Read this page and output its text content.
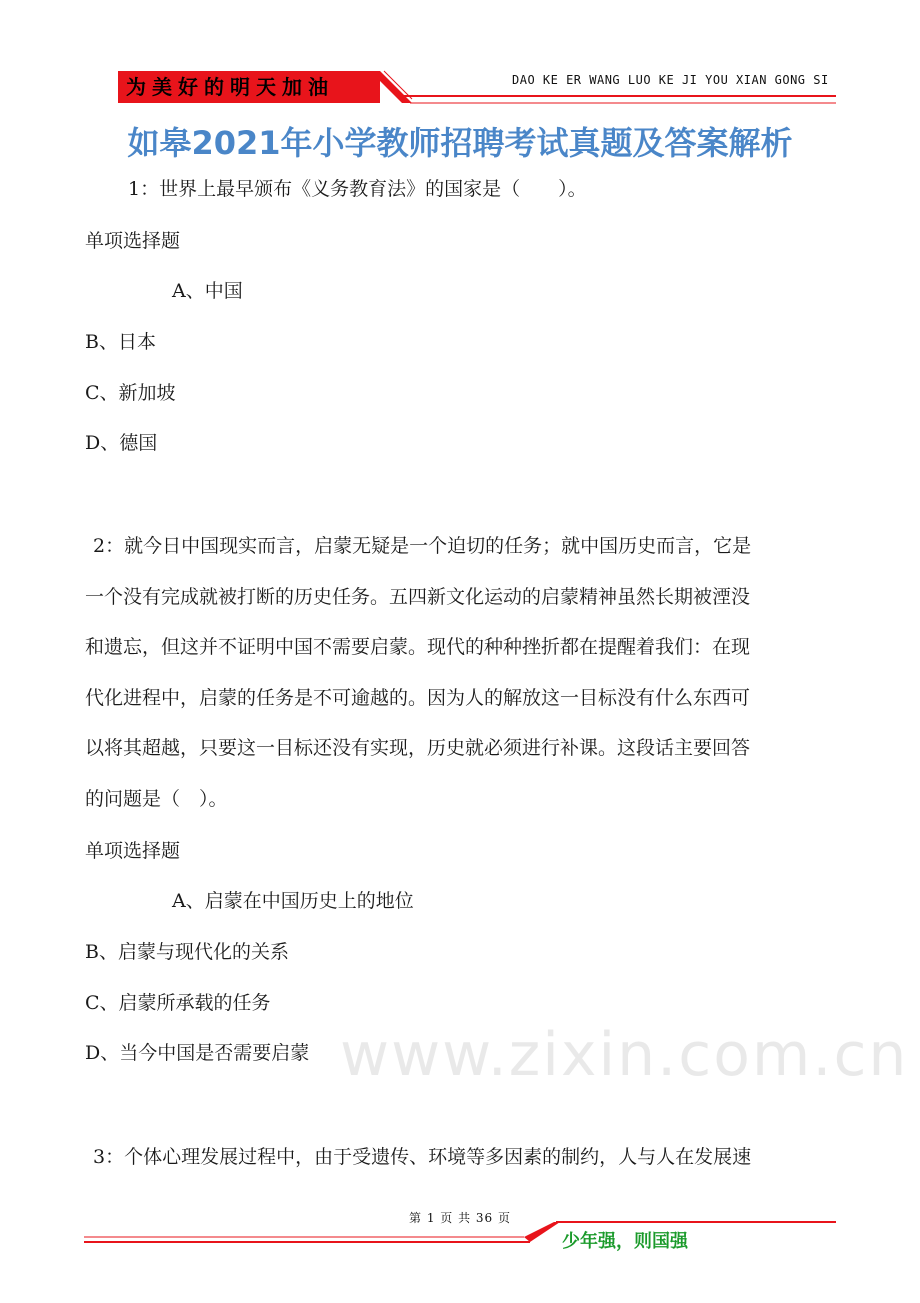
为美好的明天加油	DAO KE ER WANG LUO KE JI YOU XIAN GONG SI
如皋2021年小学教师招聘考试真题及答案解析
1：世界上最早颁布《义务教育法》的国家是（　　）。
单项选择题
A、中国
B、日本
C、新加坡
D、德国

2：就今日中国现实而言，启蒙无疑是一个迫切的任务；就中国历史而言，它是

一个没有完成就被打断的历史任务。五四新文化运动的启蒙精神虽然长期被湮没

和遗忘，但这并不证明中国不需要启蒙。现代的种种挫折都在提醒着我们：在现

代化进程中，启蒙的任务是不可逾越的。因为人的解放这一目标没有什么东西可

以将其超越，只要这一目标还没有实现，历史就必须进行补课。这段话主要回答

的问题是（　）。

单项选择题
A、启蒙在中国历史上的地位
B、启蒙与现代化的关系
C、启蒙所承载的任务
D、当今中国是否需要启蒙 www.zixin.com.cn
3：个体心理发展过程中，由于受遗传、环境等多因素的制约，人与人在发展速
第 1 页 共 36 页
少年强，则国强
